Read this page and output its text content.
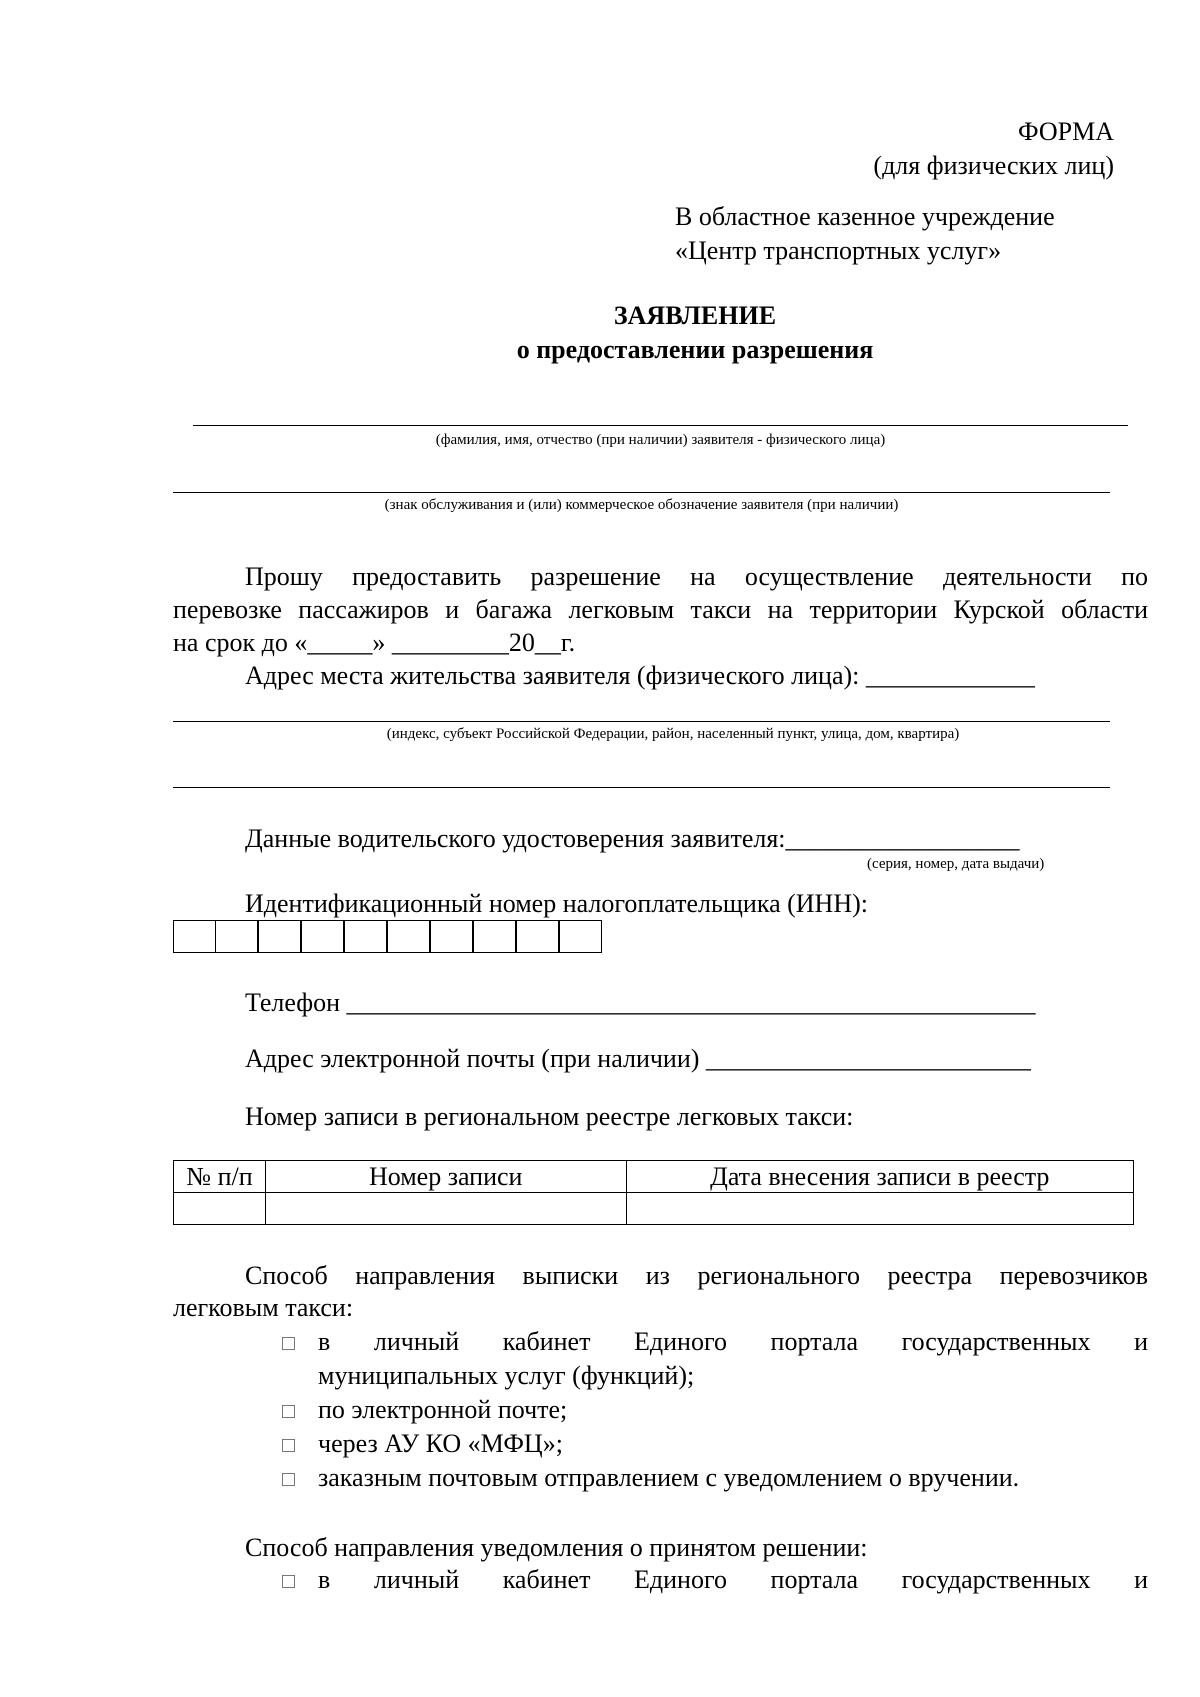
ФОРМА
(для физических лиц)
В областное казенное учреждение
«Центр транспортных услуг»
ЗАЯВЛЕНИЕ
о предоставлении разрешения
(фамилия, имя, отчество (при наличии) заявителя - физического лица)
(знак обслуживания и (или) коммерческое обозначение заявителя (при наличии)
Прошу предоставить разрешение на осуществление деятельности по
перевозке пассажиров и багажа легковым такси на территории Курской области
на срок до «_____» _________20__г.
Адрес места жительства заявителя (физического лица): _____________
(индекс, субъект Российской Федерации, район, населенный пункт, улица, дом, квартира)
Данные водительского удостоверения заявителя:__________________
(серия, номер, дата выдачи)
Идентификационный номер налогоплательщика (ИНН):
Телефон _____________________________________________________
Адрес электронной почты (при наличии) _________________________
Номер записи в региональном реестре легковых такси:
№ п/п	Номер записи	Дата внесения записи в реестр

Способ направления выписки из регионального реестра перевозчиков
легковым такси:
в личный кабинет Единого портала государственных и
муниципальных услуг (функций);
по электронной почте;
через АУ КО «МФЦ»;
заказным почтовым отправлением с уведомлением о вручении.
Способ направления уведомления о принятом решении:
в личный кабинет Единого портала государственных и
